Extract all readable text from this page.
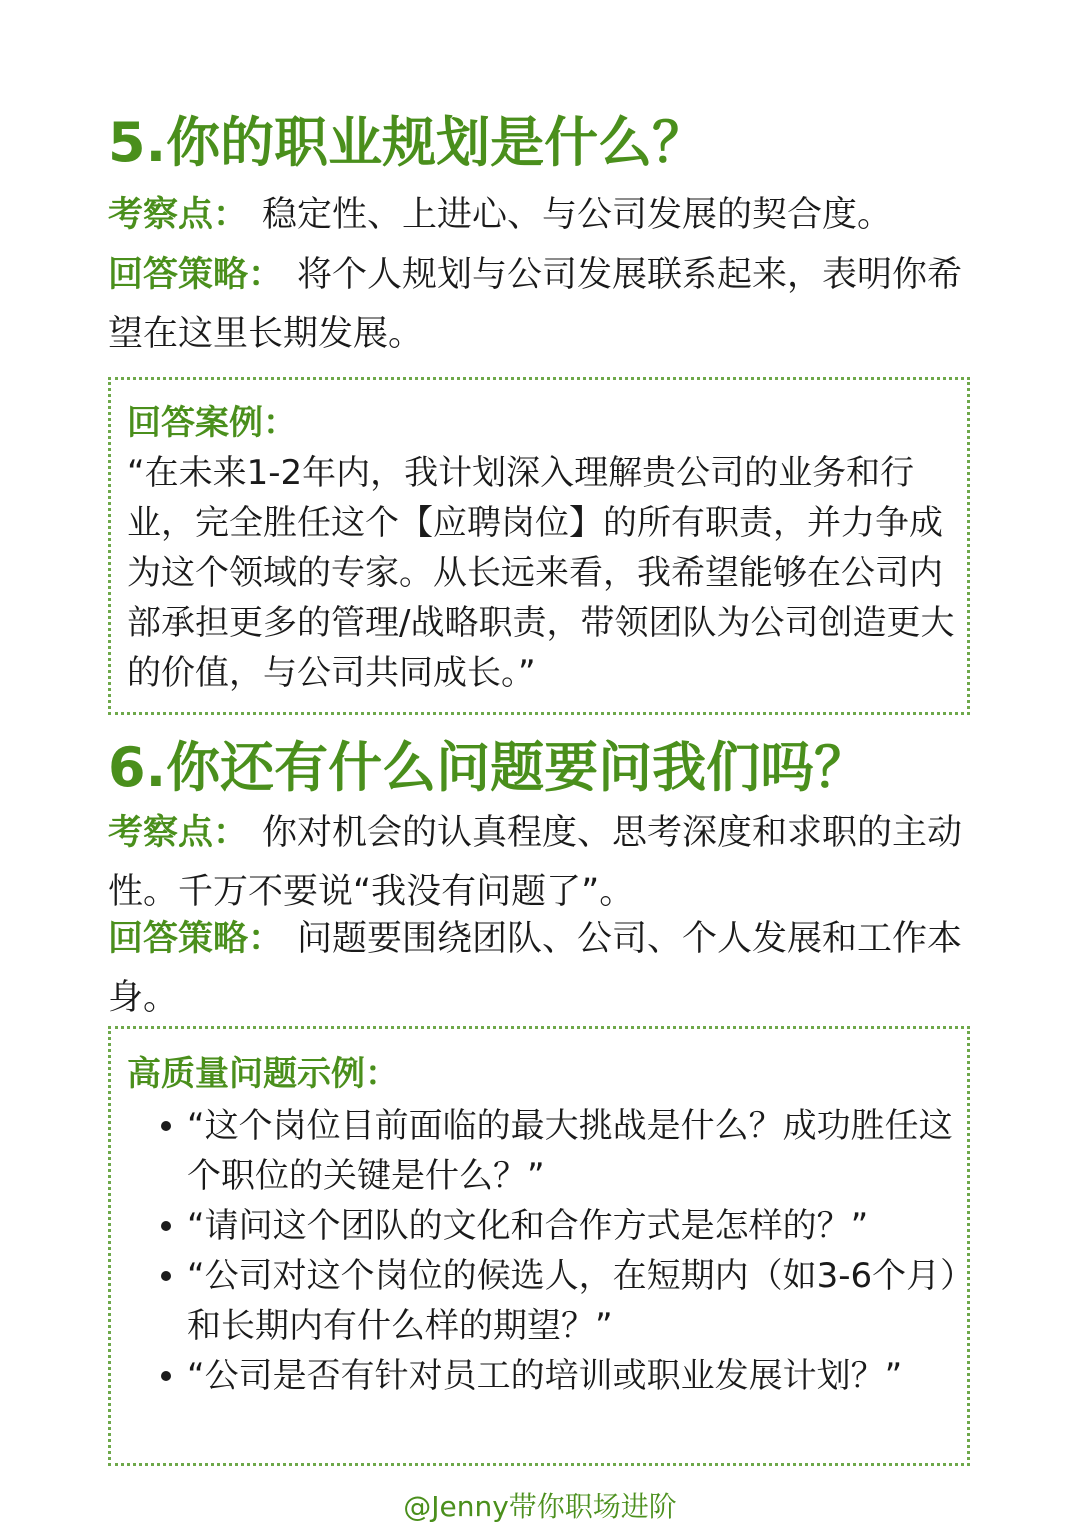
5.你的职业规划是什么？
考察点： 稳定性、上进心、与公司发展的契合度。
回答策略： 将个人规划与公司发展联系起来，表明你希望在这里长期发展。
回答案例：
“在未来1-2年内，我计划深入理解贵公司的业务和行业，完全胜任这个【应聘岗位】的所有职责，并力争成为这个领域的专家。从长远来看，我希望能够在公司内部承担更多的管理/战略职责，带领团队为公司创造更大的价值，与公司共同成长。”
6.你还有什么问题要问我们吗？
考察点： 你对机会的认真程度、思考深度和求职的主动性。千万不要说“我没有问题了”。
回答策略： 问题要围绕团队、公司、个人发展和工作本身。
高质量问题示例：
“这个岗位目前面临的最大挑战是什么？成功胜任这个职位的关键是什么？”
“请问这个团队的文化和合作方式是怎样的？”
“公司对这个岗位的候选人，在短期内（如3-6个月）和长期内有什么样的期望？”
“公司是否有针对员工的培训或职业发展计划？”
@Jenny带你职场进阶
